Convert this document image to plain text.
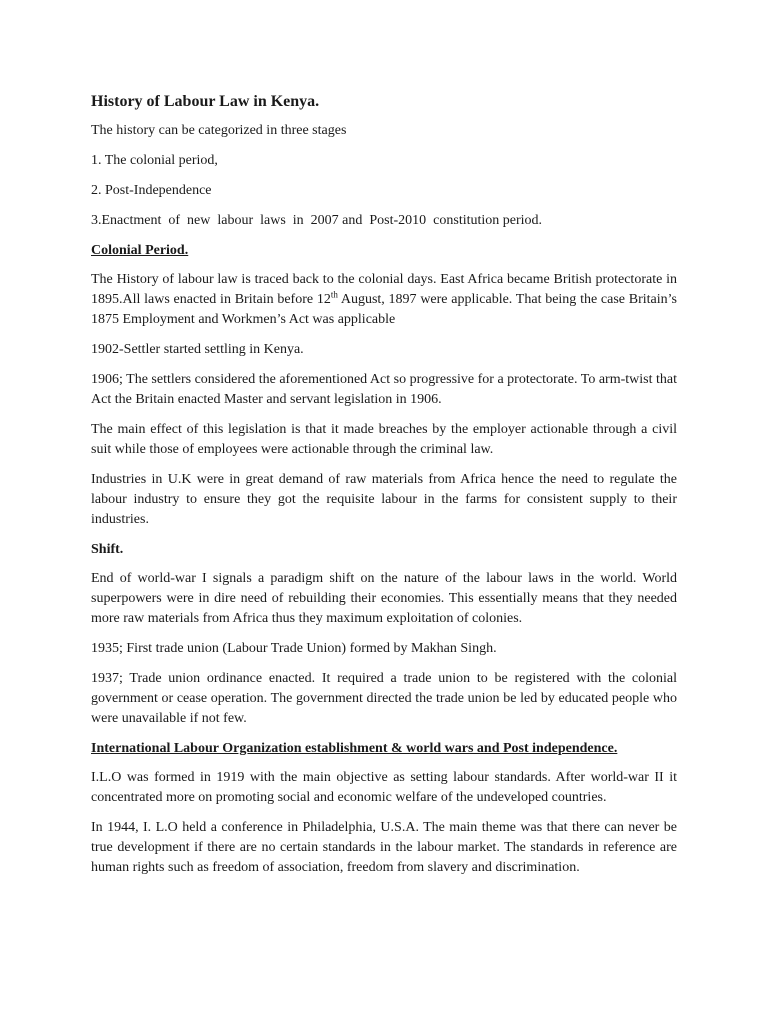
History of Labour Law in Kenya.

The history can be categorized in three stages

1. The colonial period,

2. Post-Independence

3.Enactment  of  new  labour  laws  in  2007 and  Post-2010  constitution period.

Colonial Period.

The History of labour law is traced back to the colonial days. East Africa became British protectorate in 1895.All laws enacted in Britain before 12th August, 1897 were applicable. That being the case Britain’s 1875 Employment and Workmen’s Act was applicable

1902-Settler started settling in Kenya.

1906; The settlers considered the aforementioned Act so progressive for a protectorate. To arm-twist that Act the Britain enacted Master and servant legislation in 1906.

The main effect of this legislation is that it made breaches by the employer actionable through a civil suit while those of employees were actionable through the criminal law.

Industries in U.K were in great demand of raw materials from Africa hence the need to regulate the labour industry to ensure they got the requisite labour in the farms for consistent supply to their industries.

Shift.

End of world-war I signals a paradigm shift on the nature of the labour laws in the world. World superpowers were in dire need of rebuilding their economies. This essentially means that they needed more raw materials from Africa thus they maximum exploitation of colonies.

1935; First trade union (Labour Trade Union) formed by Makhan Singh.

1937; Trade union ordinance enacted. It required a trade union to be registered with the colonial government or cease operation. The government directed the trade union be led by educated people who were unavailable if not few.

International Labour Organization establishment & world wars and Post independence.

I.L.O was formed in 1919 with the main objective as setting labour standards. After world-war II it concentrated more on promoting social and economic welfare of the undeveloped countries.

In 1944, I. L.O held a conference in Philadelphia, U.S.A. The main theme was that there can never be true development if there are no certain standards in the labour market. The standards in reference are human rights such as freedom of association, freedom from slavery and discrimination.
